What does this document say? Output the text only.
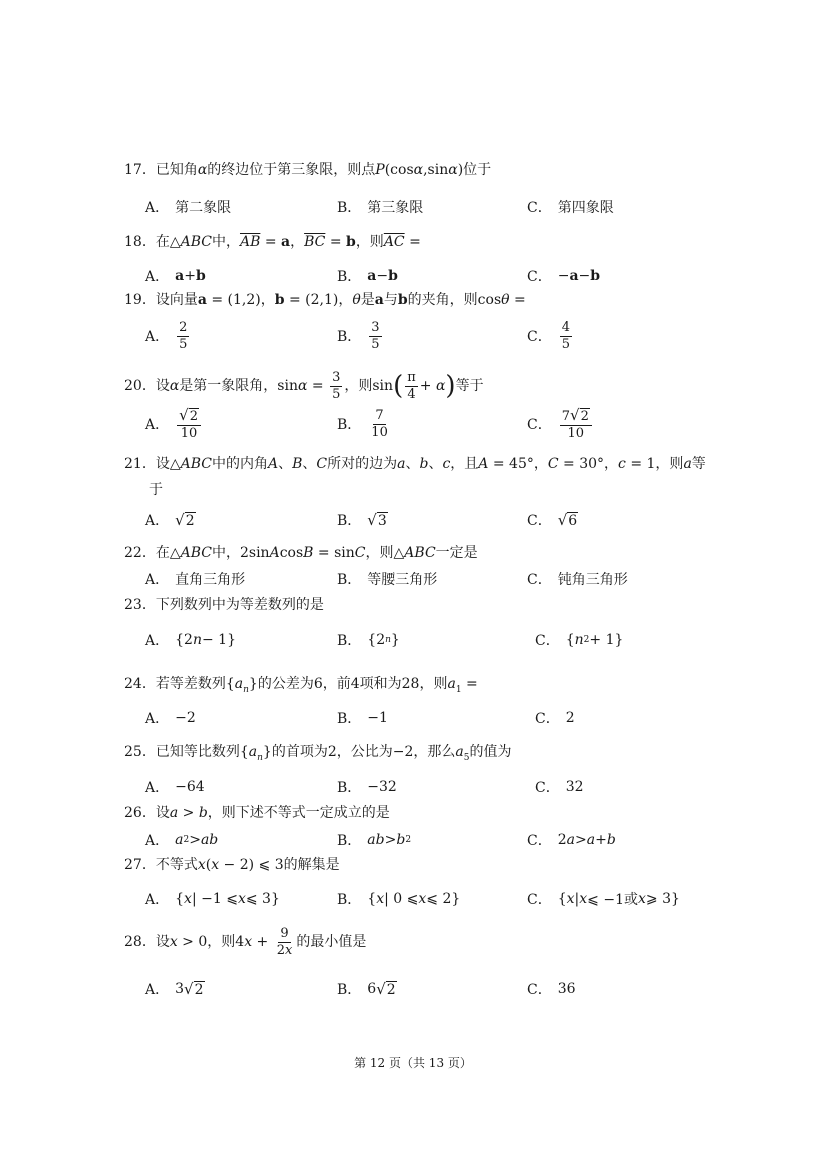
17．已知角α的终边位于第三象限，则点P(cosα,sinα)位于
A． 第二象限	B． 第三象限	C． 第四象限
18．在△ABC中，$\overline{AB} = a$，$\overline{BC} = b$，则$\overline{AC}$ =
A． a + b	B． a − b	C． − a − b
19．设向量a = (1,2)，b = (2,1)，θ是a与b的夹角，则cosθ =
A． $\frac{2}{5}$	B． $\frac{3}{5}$	C． $\frac{4}{5}$
20．设α是第一象限角，$\sin\alpha = \frac{3}{5}$ ，则$\sin( \frac{\pi}{4} + \alpha)$等于
A． $\frac{√2}{10}$	B． $\frac{7}{10}$	C． $\frac{7√2}{10}$
21．设△ABC中的内角A、B、C所对的边为a、b、c，且A = 45°，C = 30°，c = 1，则a等
于
A． √ 2	B． √ 3	C． √ 6
22．在△ABC中，2sinAcosB = sinC，则△ABC一定是
A． 直角三角形	B． 等腰三角形	C． 钝角三角形
23．下列数列中为等差数列的是
A． {2 n − 1}	B． {2 n }	C． { n 2 + 1}
24．若等差数列$\{a_n\}$的公差为6，前4项和为28，则$a_1$ =
A． −2	B． −1	C． 2
25．已知等比数列$\{a_n\}$的首项为2，公比为−2，那么$a_5$的值为
A． −64	B． −32	C． 32
26．设a > b，则下述不等式一定成立的是
A． a 2 > ab	B． ab > b 2	C． 2 a > a + b
27．不等式x(x − 2) ⩽ 3的解集是
A． { x | −1 ⩽ x ⩽ 3}	B． { x | 0 ⩽ x ⩽ 2}	C． { x | x ⩽ −1或 x ⩾ 3}
28．设x > 0，则$4x + \frac{9}{2x}$ 的最小值是
A． 3 √ 2	B． 6 √ 2	C． 36
第 12 页（共 13 页）
